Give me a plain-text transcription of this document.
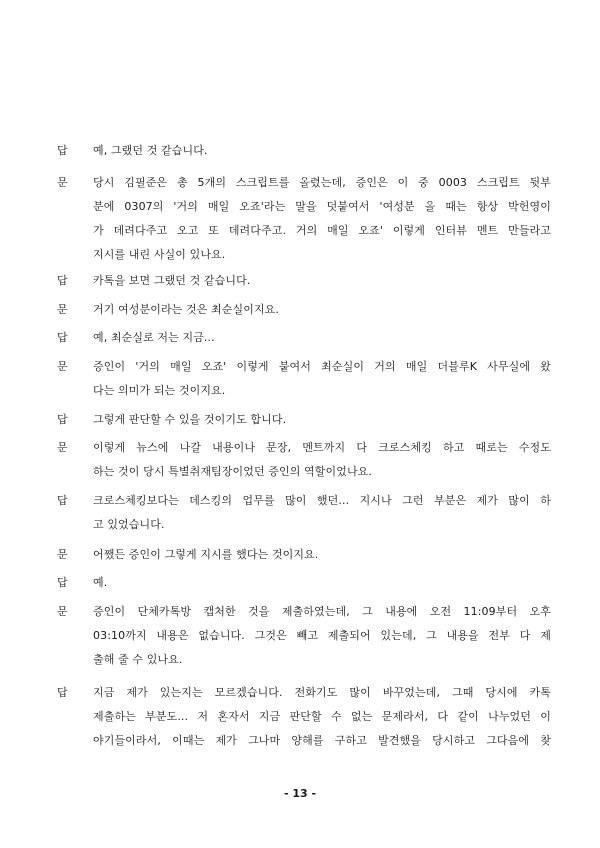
답	예, 그랬던 것 같습니다.
문	당시 김필준은 총 5개의 스크립트를 올렸는데, 증인은 이 중 0003 스크립트 뒷부
분에 0307의 '거의 매일 오죠'라는 말을 덧붙여서 '여성분 올 때는 항상 박헌영이
가 데려다주고 오고 또 데려다주고. 거의 매일 오죠' 이렇게 인터뷰 멘트 만들라고
지시를 내린 사실이 있나요.
답	카톡을 보면 그랬던 것 같습니다.
문	거기 여성분이라는 것은 최순실이지요.
답	예, 최순실로 저는 지금...
문	증인이 '거의 매일 오죠' 이렇게 붙여서 최순실이 거의 매일 더블루K 사무실에 왔
다는 의미가 되는 것이지요.
답	그렇게 판단할 수 있을 것이기도 합니다.
문	이렇게 뉴스에 나갈 내용이나 문장, 멘트까지 다 크로스체킹 하고 때로는 수정도
하는 것이 당시 특별취재팀장이었던 증인의 역할이었나요.
답	크로스체킹보다는 데스킹의 업무를 많이 했던... 지시나 그런 부분은 제가 많이 하
고 있었습니다.
문	어쨌든 증인이 그렇게 지시를 했다는 것이지요.
답	예.
문	증인이 단체카톡방 캡처한 것을 제출하였는데, 그 내용에 오전 11:09부터 오후
03:10까지 내용은 없습니다. 그것은 빼고 제출되어 있는데, 그 내용을 전부 다 제
출해 줄 수 있나요.
답	지금 제가 있는지는 모르겠습니다. 전화기도 많이 바꾸었는데, 그때 당시에 카톡
제출하는 부분도... 저 혼자서 지금 판단할 수 없는 문제라서, 다 같이 나누었던 이
야기들이라서, 이때는 제가 그나마 양해를 구하고 발견했을 당시하고 그다음에 찾
- 13 -
